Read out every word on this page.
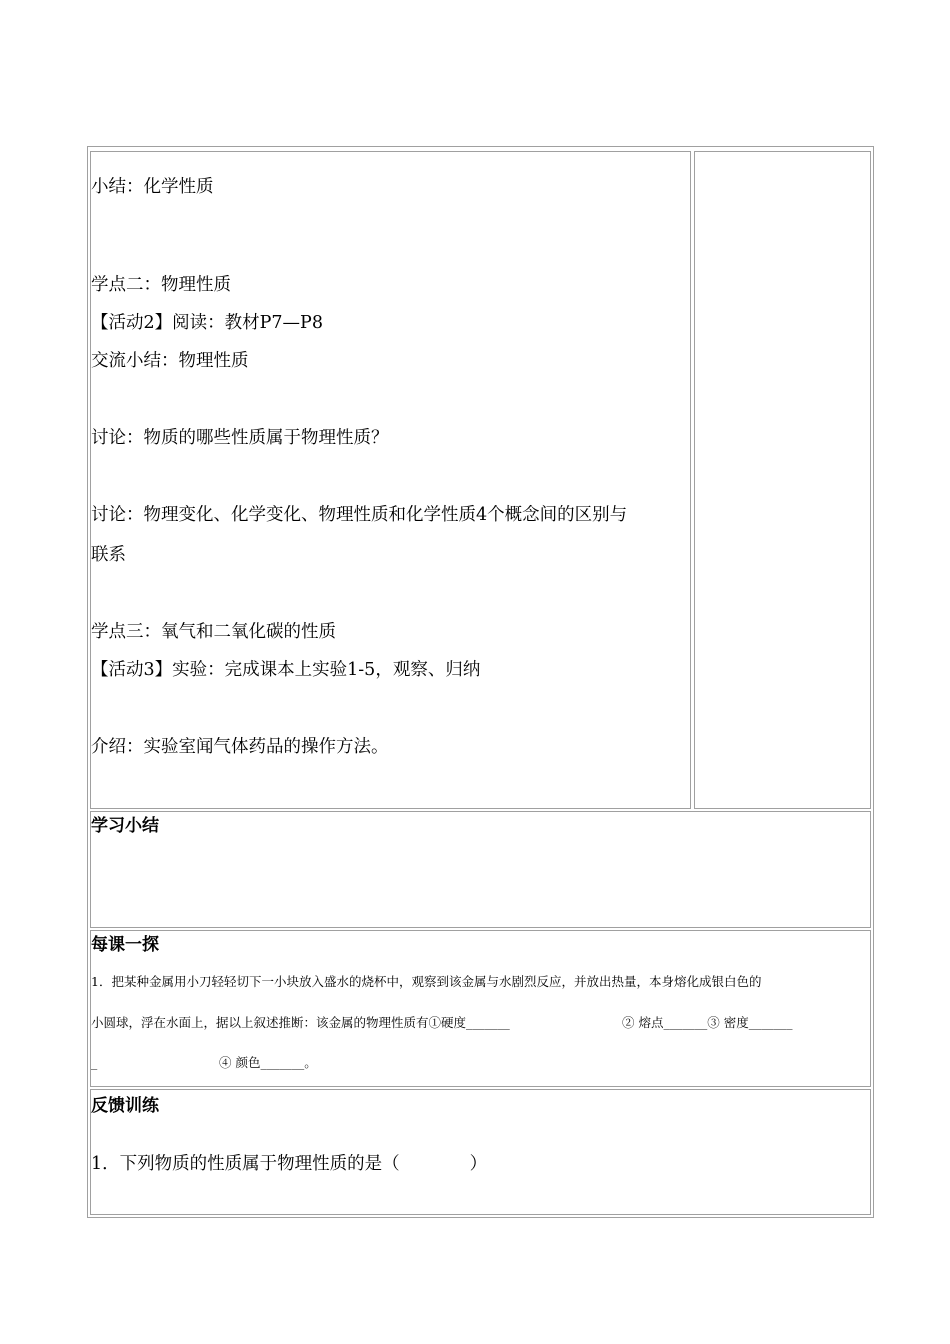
小结：化学性质
学点二：物理性质
【活动2】阅读：教材P7—P8
交流小结：物理性质
讨论：物质的哪些性质属于物理性质？
讨论：物理变化、化学变化、物理性质和化学性质4个概念间的区别与
联系
学点三：氧气和二氧化碳的性质
【活动3】实验：完成课本上实验1-5，观察、归纳
介绍：实验室闻气体药品的操作方法。
学习小结
每课一探
1．把某种金属用小刀轻轻切下一小块放入盛水的烧杯中，观察到该金属与水剧烈反应，并放出热量，本身熔化成银白色的
小圆球，浮在水面上，据以上叙述推断：该金属的物理性质有①硬度_______	② 熔点_______③ 密度_______
_	④ 颜色_______。
反馈训练
1．下列物质的性质属于物理性质的是（　　　　）
